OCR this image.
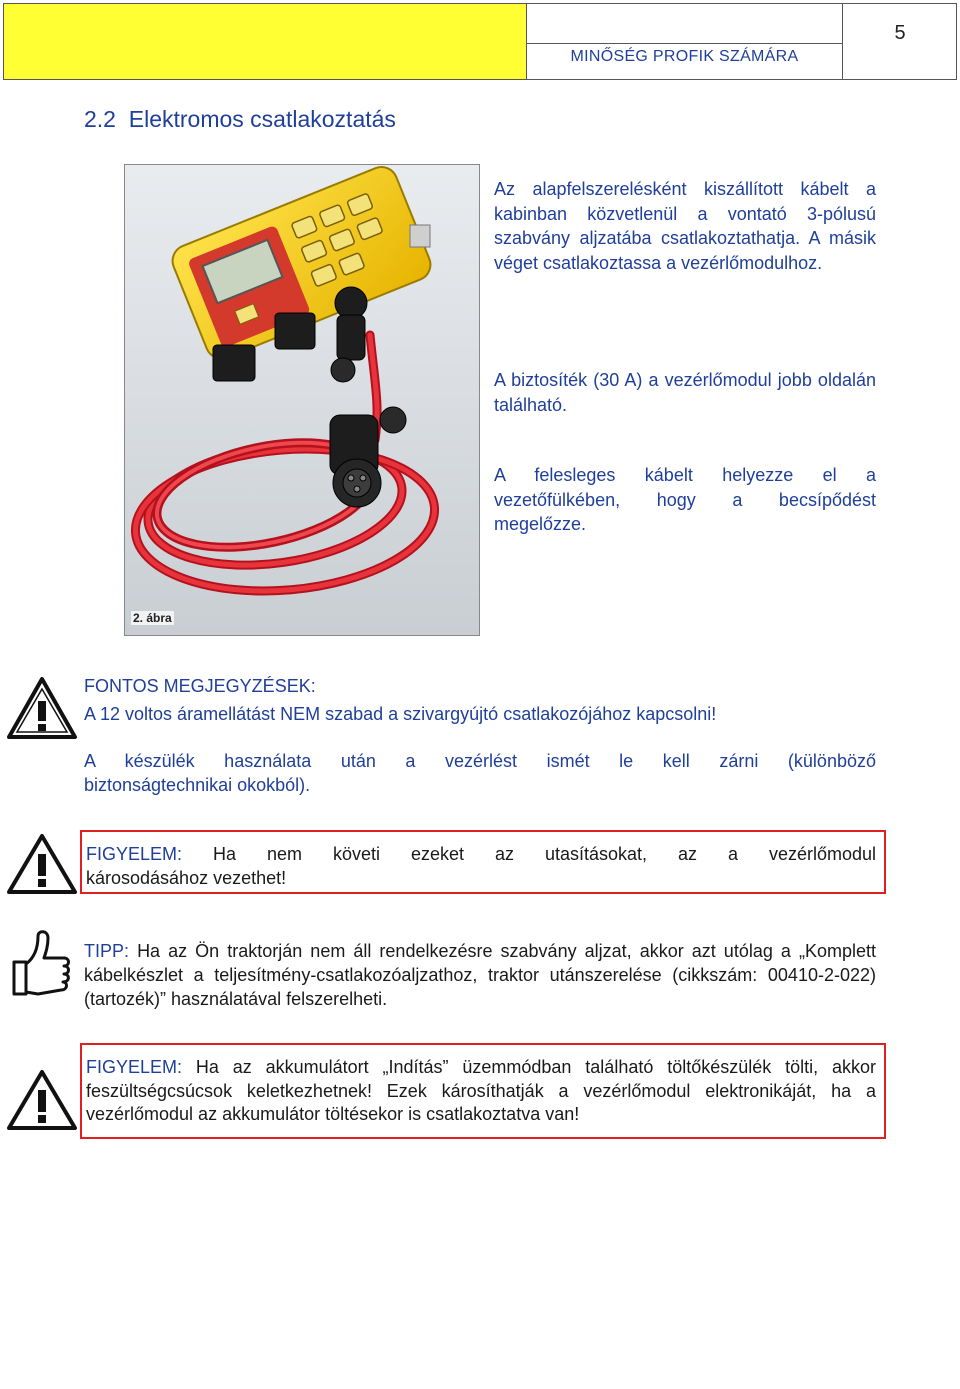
MINŐSÉG PROFIK SZÁMÁRA
5
2.2  Elektromos csatlakoztatás
2. ábra

Az alapfelszerelésként kiszállított kábelt a kabinban közvetlenül a vontató 3-pólusú szabvány aljzatába csatlakoztathatja. A másik véget csatlakoztassa a vezérlőmodulhoz.

A biztosíték (30 A) a vezérlőmodul jobb oldalán található.

A felesleges kábelt helyezze el a vezetőfülkében, hogy a becsípődést megelőzze.

FONTOS MEGJEGYZÉSEK:

A 12 voltos áramellátást NEM szabad a szivargyújtó csatlakozójához kapcsolni!

A készülék használata után a vezérlést ismét le kell zárni (különböző

biztonságtechnikai okokból).

FIGYELEM: Ha nem követi ezeket az utasításokat, az a vezérlőmodul

károsodásához vezethet!

TIPP: Ha az Ön traktorján nem áll rendelkezésre szabvány aljzat, akkor azt utólag a „Komplett kábelkészlet a teljesítmény-csatlakozóaljzathoz, traktor utánszerelése (cikkszám: 00410-2-022) (tartozék)” használatával felszerelheti.

FIGYELEM: Ha az akkumulátort „Indítás” üzemmódban található töltőkészülék tölti, akkor feszültségcsúcsok keletkezhetnek! Ezek károsíthatják a vezérlőmodul elektronikáját, ha a vezérlőmodul az akkumulátor töltésekor is csatlakoztatva van!
